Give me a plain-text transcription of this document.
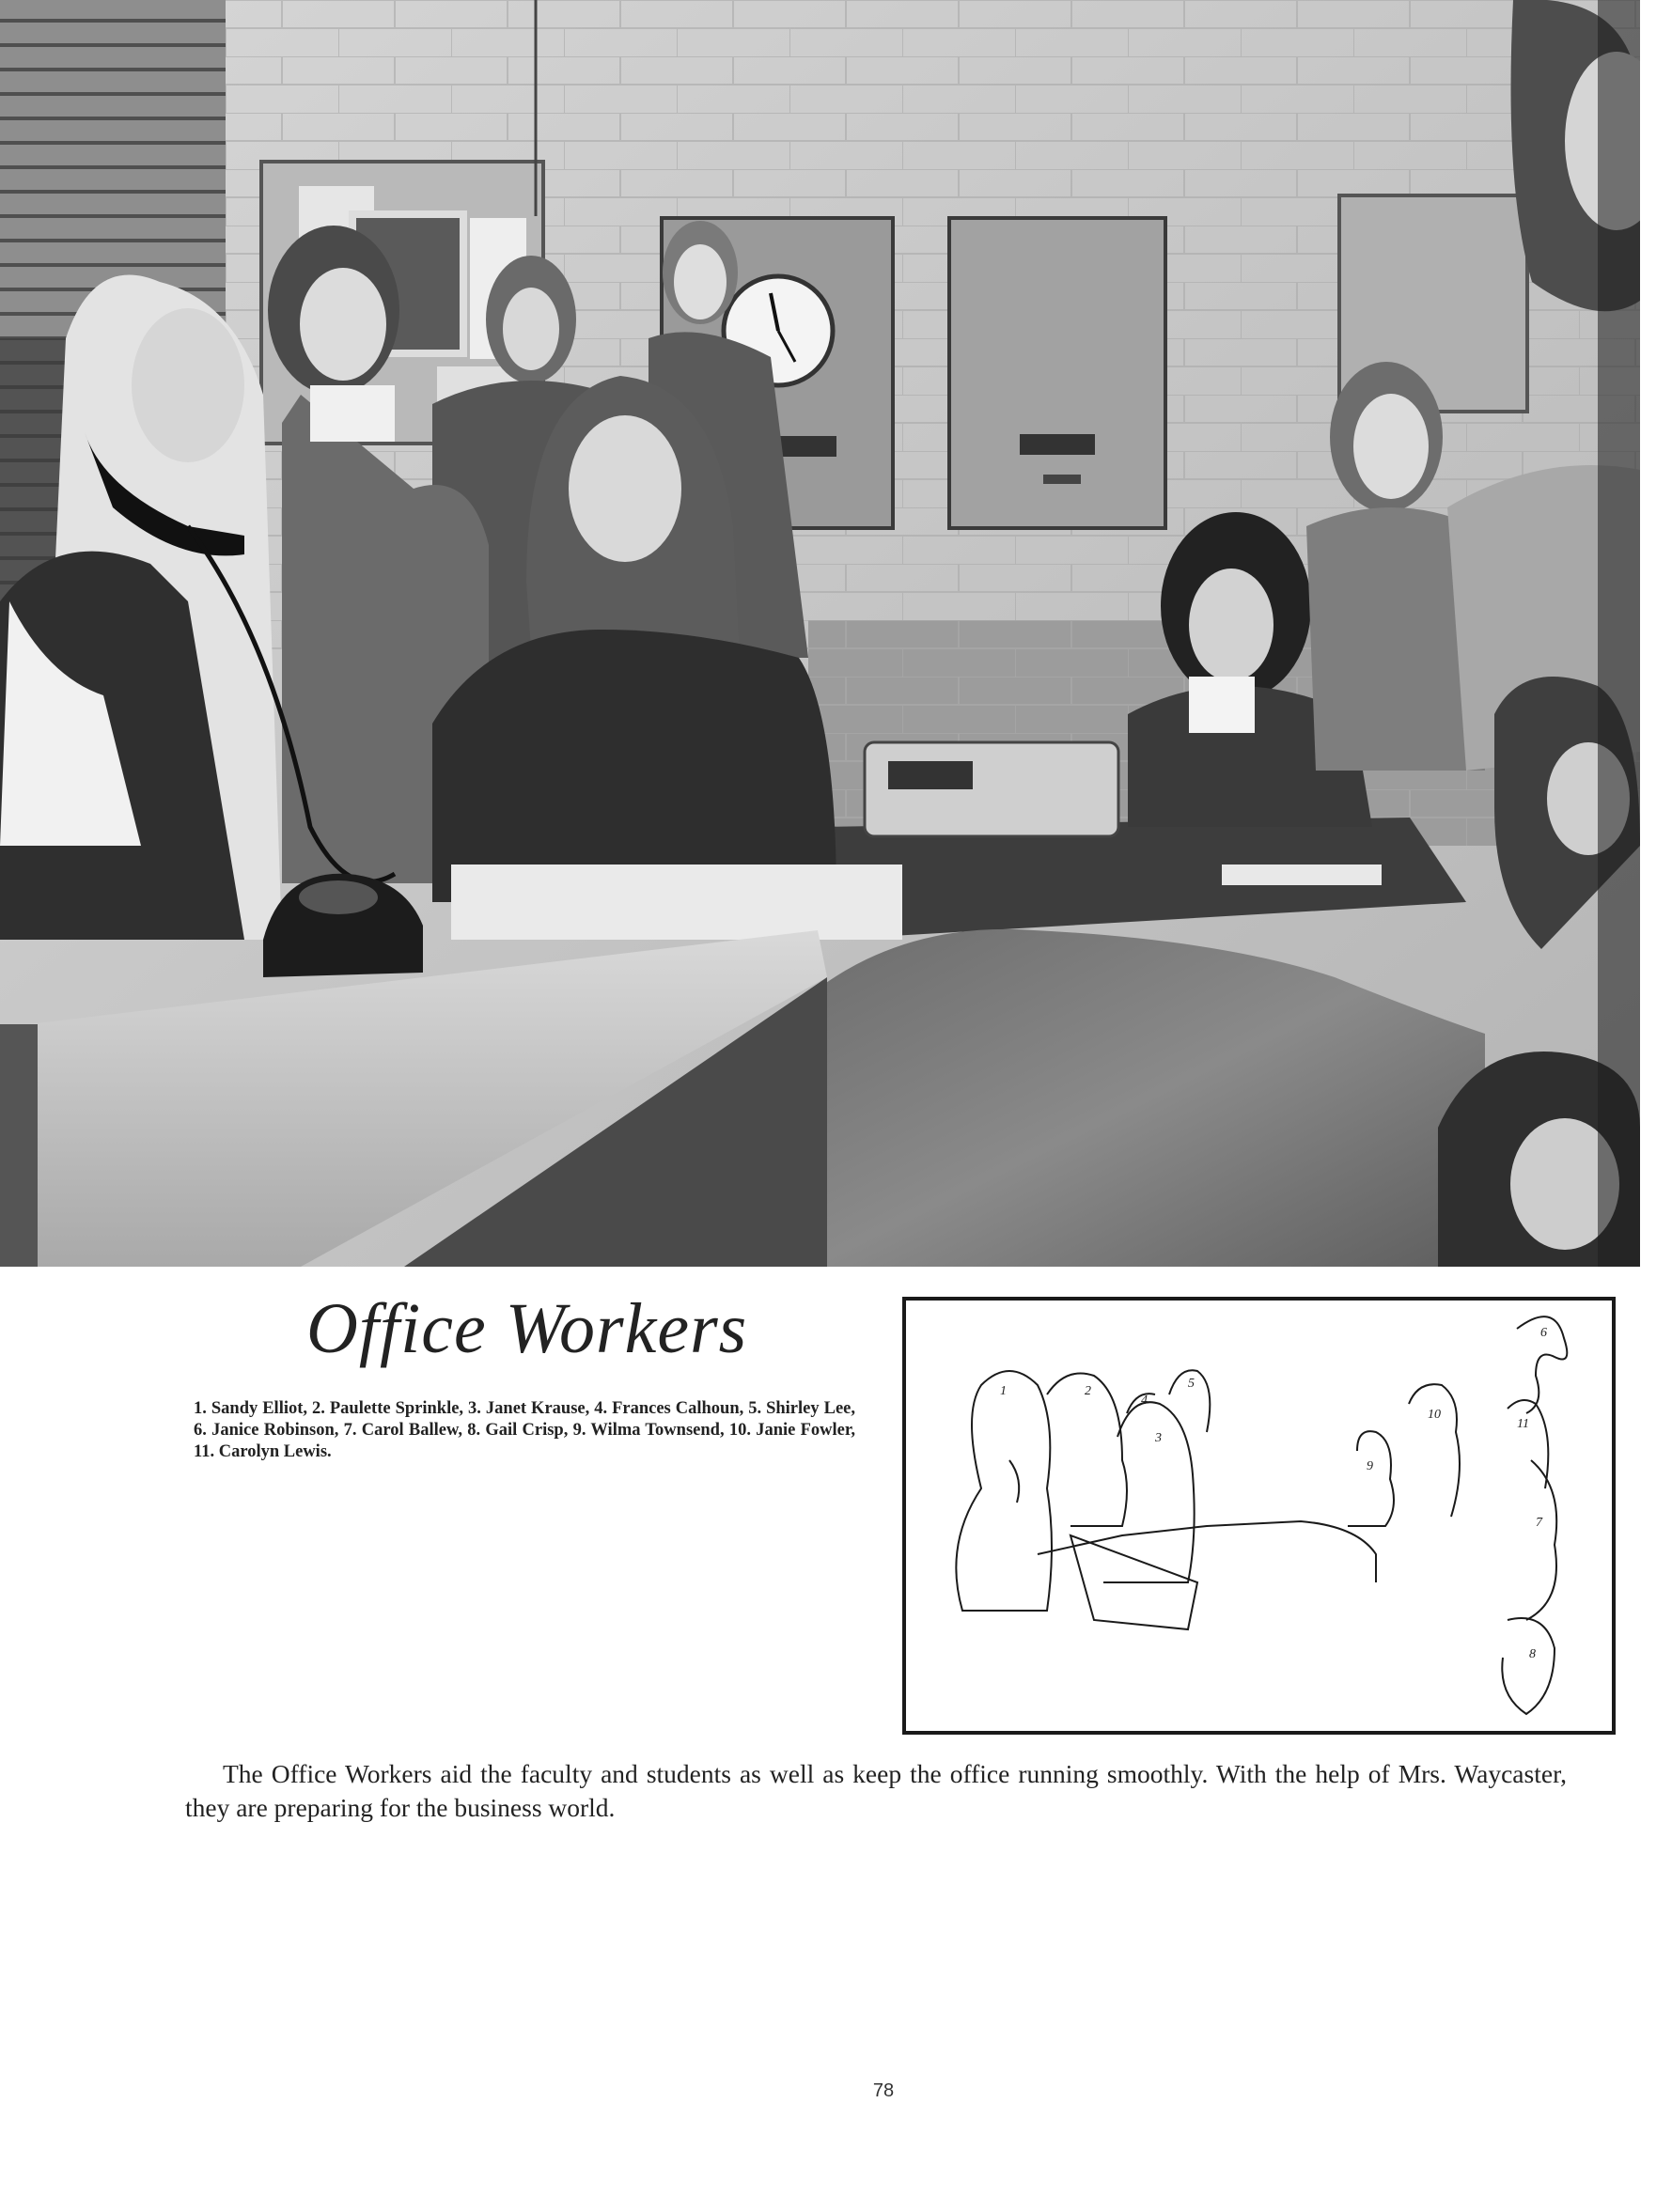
Office Workers
1. Sandy Elliot, 2. Paulette Sprinkle, 3. Janet Krause, 4. Frances Calhoun, 5. Shirley Lee, 6. Janice Robinson, 7. Carol Ballew, 8. Gail Crisp, 9. Wilma Townsend, 10. Janie Fowler, 11. Carolyn Lewis.
1	2
3
4
5
6
7
8
9
10
11
The Office Workers aid the faculty and students as well as keep the office running smoothly. With the help of Mrs. Waycaster, they are preparing for the business world.
78
